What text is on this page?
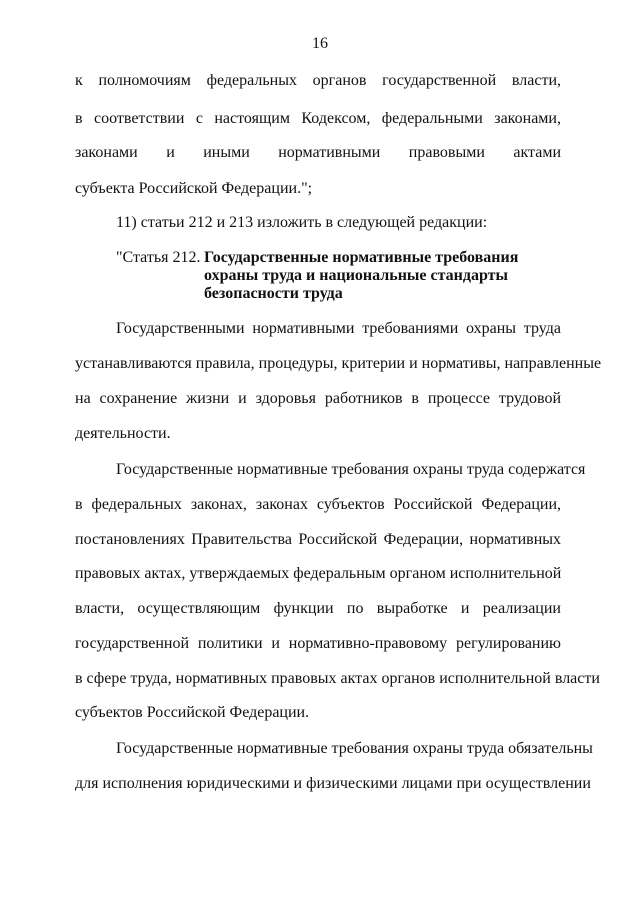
16
к полномочиям федеральных органов государственной власти,
в соответствии с настоящим Кодексом, федеральными законами,
законами и иными нормативными правовыми актами
субъекта Российской Федерации.";
11) статьи 212 и 213 изложить в следующей редакции:
"Статья 212. Государственные нормативные требования
охраны труда и национальные стандарты
безопасности труда
Государственными нормативными требованиями охраны труда
устанавливаются правила, процедуры, критерии и нормативы, направленные
на сохранение жизни и здоровья работников в процессе трудовой
деятельности.
Государственные нормативные требования охраны труда содержатся
в федеральных законах, законах субъектов Российской Федерации,
постановлениях Правительства Российской Федерации, нормативных
правовых актах, утверждаемых федеральным органом исполнительной
власти, осуществляющим функции по выработке и реализации
государственной политики и нормативно-правовому регулированию
в сфере труда, нормативных правовых актах органов исполнительной власти
субъектов Российской Федерации.
Государственные нормативные требования охраны труда обязательны
для исполнения юридическими и физическими лицами при осуществлении
